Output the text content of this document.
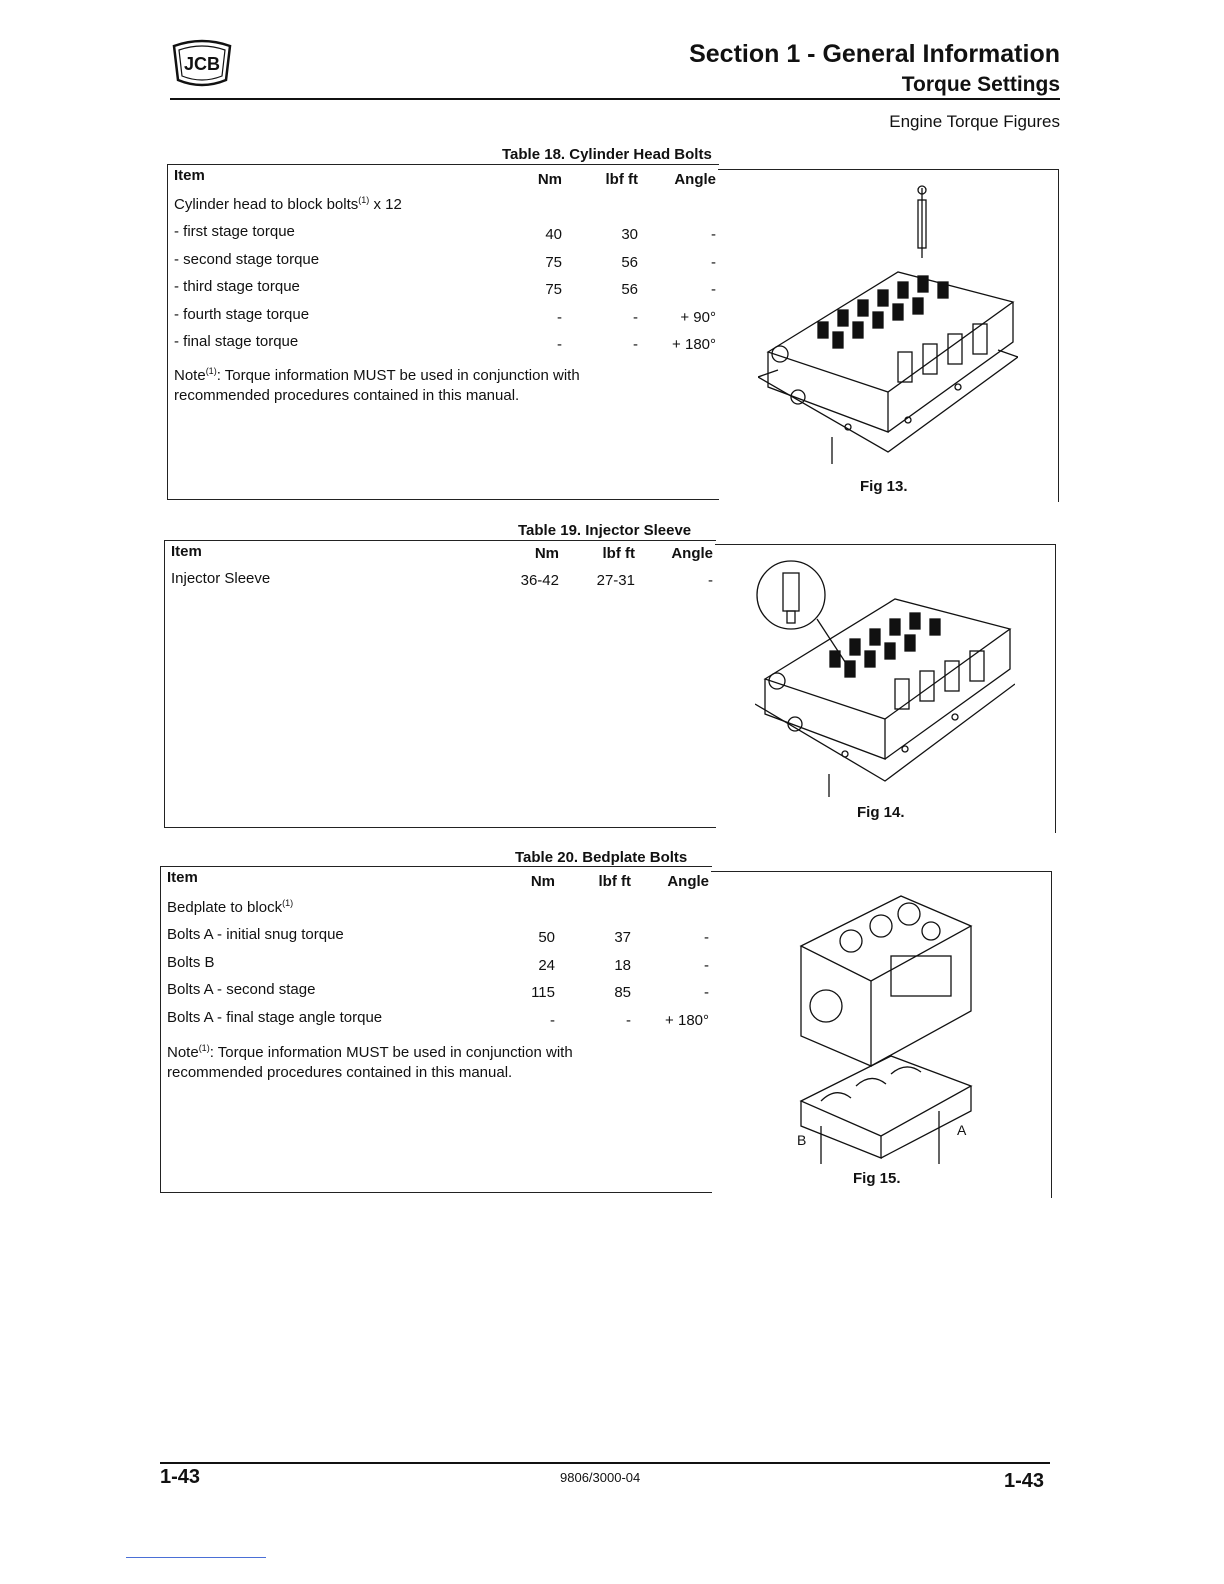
JCB	Section 1 - General Information
Torque Settings
Engine Torque Figures
Table 18. Cylinder Head Bolts
Item	Nm	lbf ft	Angle
Cylinder head to block bolts$^{(1)}$ x 12
- first stage torque	40	30	-
- second stage torque	75	56	-
- third stage torque	75	56	-
- fourth stage torque	-	-	+ 90°
- final stage torque	-	-	+ 180°
Note$^{(1)}$: Torque information MUST be used in conjunction with recommended procedures contained in this manual.
Fig 13.
Table 19. Injector Sleeve
Item	Nm	lbf ft	Angle
Injector Sleeve	36-42	27-31	-
Fig 14.
Table 20. Bedplate Bolts
Item	Nm	lbf ft	Angle
Bedplate to block$^{(1)}$
Bolts A - initial snug torque	50	37	-
Bolts B	24	18	-
Bolts A - second stage	115	85	-
Bolts A - final stage angle torque	-	-	+ 180°
Note$^{(1)}$: Torque information MUST be used in conjunction with recommended procedures contained in this manual.
B
A
Fig 15.
1-43	9806/3000-04	1-43
